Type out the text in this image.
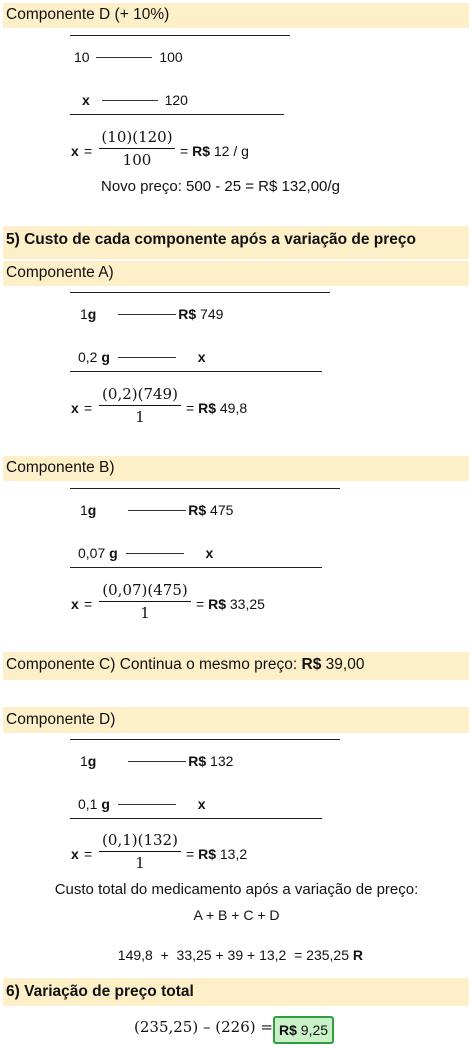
Componente D (+ 10%)
10	100
x	120
$x = \frac{(10)(120)}{100}$ = R$ 12 / g
Novo preço: 500 - 25 = R$ 132,00/g
5) Custo de cada componente após a variação de preço
Componente A)
1g	R$ 749
0,2 g	x
$x = \frac{(0,2)(749)}{1}$ = R$ 49,8
Componente B)
1g	R$ 475
0,07 g	x
$x = \frac{(0,07)(475)}{1}$ = R$ 33,25
Componente C) Continua o mesmo preço: R$ 39,00
Componente D)
1g	R$ 132
0,1 g	x
$x = \frac{(0,1)(132)}{1}$ = R$ 13,2
Custo total do medicamento após a variação de preço:
A + B + C + D

149,8  +  33,25 + 39 + 13,2  = 235,25 R

6) Variação de preço total
(235,25) – (226) = R$ 9,25
